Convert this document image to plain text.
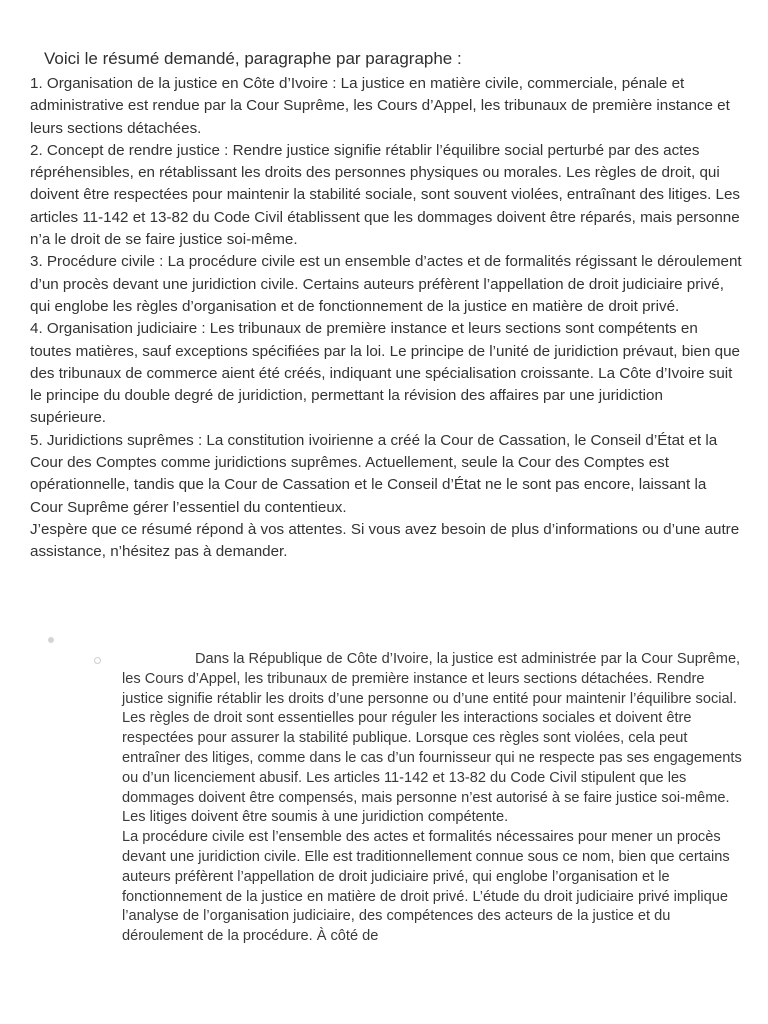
Voici le résumé demandé, paragraphe par paragraphe :

1. Organisation de la justice en Côte d’Ivoire : La justice en matière civile, commerciale, pénale et administrative est rendue par la Cour Suprême, les Cours d’Appel, les tribunaux de première instance et leurs sections détachées.

2. Concept de rendre justice : Rendre justice signifie rétablir l’équilibre social perturbé par des actes répréhensibles, en rétablissant les droits des personnes physiques ou morales. Les règles de droit, qui doivent être respectées pour maintenir la stabilité sociale, sont souvent violées, entraînant des litiges. Les articles 11-142 et 13-82 du Code Civil établissent que les dommages doivent être réparés, mais personne n’a le droit de se faire justice soi-même.

3. Procédure civile : La procédure civile est un ensemble d’actes et de formalités régissant le déroulement d’un procès devant une juridiction civile. Certains auteurs préfèrent l’appellation de droit judiciaire privé, qui englobe les règles d’organisation et de fonctionnement de la justice en matière de droit privé.

4. Organisation judiciaire : Les tribunaux de première instance et leurs sections sont compétents en toutes matières, sauf exceptions spécifiées par la loi. Le principe de l’unité de juridiction prévaut, bien que des tribunaux de commerce aient été créés, indiquant une spécialisation croissante. La Côte d’Ivoire suit le principe du double degré de juridiction, permettant la révision des affaires par une juridiction supérieure.

5. Juridictions suprêmes : La constitution ivoirienne a créé la Cour de Cassation, le Conseil d’État et la Cour des Comptes comme juridictions suprêmes. Actuellement, seule la Cour des Comptes est opérationnelle, tandis que la Cour de Cassation et le Conseil d’État ne le sont pas encore, laissant la Cour Suprême gérer l’essentiel du contentieux.

J’espère que ce résumé répond à vos attentes. Si vous avez besoin de plus d’informations ou d’une autre assistance, n’hésitez pas à demander.

Dans la République de Côte d’Ivoire, la justice est administrée par la Cour Suprême, les Cours d’Appel, les tribunaux de première instance et leurs sections détachées. Rendre justice signifie rétablir les droits d’une personne ou d’une entité pour maintenir l’équilibre social. Les règles de droit sont essentielles pour réguler les interactions sociales et doivent être respectées pour assurer la stabilité publique. Lorsque ces règles sont violées, cela peut entraîner des litiges, comme dans le cas d’un fournisseur qui ne respecte pas ses engagements ou d’un licenciement abusif. Les articles 11-142 et 13-82 du Code Civil stipulent que les dommages doivent être compensés, mais personne n’est autorisé à se faire justice soi-même. Les litiges doivent être soumis à une juridiction compétente.

La procédure civile est l’ensemble des actes et formalités nécessaires pour mener un procès devant une juridiction civile. Elle est traditionnellement connue sous ce nom, bien que certains auteurs préfèrent l’appellation de droit judiciaire privé, qui englobe l’organisation et le fonctionnement de la justice en matière de droit privé. L’étude du droit judiciaire privé implique l’analyse de l’organisation judiciaire, des compétences des acteurs de la justice et du déroulement de la procédure. À côté de
